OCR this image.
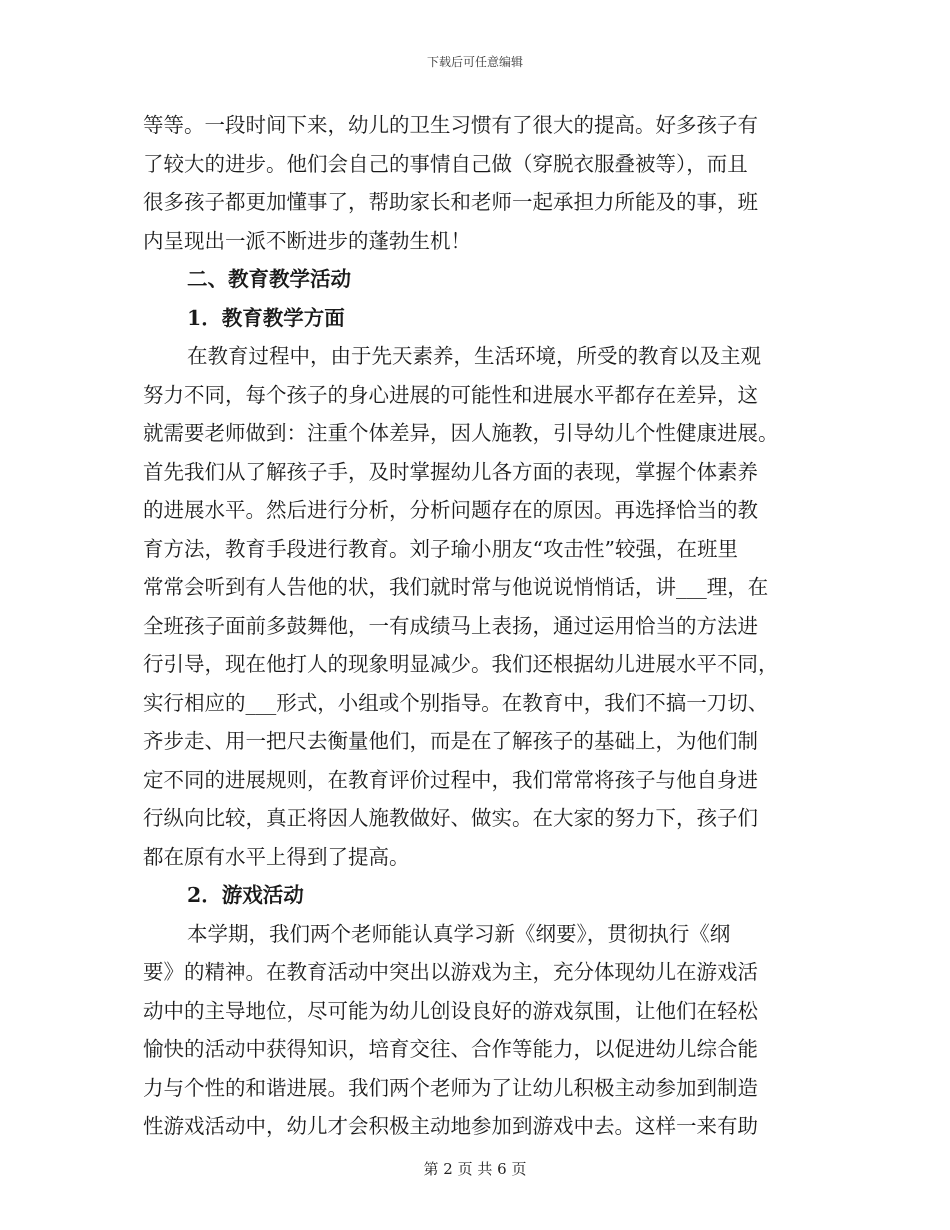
下载后可任意编辑
等等。一段时间下来，幼儿的卫生习惯有了很大的提高。好多孩子有
了较大的进步。他们会自己的事情自己做（穿脱衣服叠被等），而且
很多孩子都更加懂事了，帮助家长和老师一起承担力所能及的事，班
内呈现出一派不断进步的蓬勃生机！
二、教育教学活动
1．教育教学方面
在教育过程中，由于先天素养，生活环境，所受的教育以及主观
努力不同，每个孩子的身心进展的可能性和进展水平都存在差异，这
就需要老师做到：注重个体差异，因人施教，引导幼儿个性健康进展。
首先我们从了解孩子手，及时掌握幼儿各方面的表现，掌握个体素养
的进展水平。然后进行分析，分析问题存在的原因。再选择恰当的教
育方法，教育手段进行教育。刘子瑜小朋友“攻击性”较强，在班里
常常会听到有人告他的状，我们就时常与他说说悄悄话，讲___理，在
全班孩子面前多鼓舞他，一有成绩马上表扬，通过运用恰当的方法进
行引导，现在他打人的现象明显减少。我们还根据幼儿进展水平不同，
实行相应的___形式，小组或个别指导。在教育中，我们不搞一刀切、
齐步走、用一把尺去衡量他们，而是在了解孩子的基础上，为他们制
定不同的进展规则，在教育评价过程中，我们常常将孩子与他自身进
行纵向比较，真正将因人施教做好、做实。在大家的努力下，孩子们
都在原有水平上得到了提高。
2．游戏活动
本学期，我们两个老师能认真学习新《纲要》，贯彻执行《纲
要》的精神。在教育活动中突出以游戏为主，充分体现幼儿在游戏活
动中的主导地位，尽可能为幼儿创设良好的游戏氛围，让他们在轻松
愉快的活动中获得知识，培育交往、合作等能力，以促进幼儿综合能
力与个性的和谐进展。我们两个老师为了让幼儿积极主动参加到制造
性游戏活动中，幼儿才会积极主动地参加到游戏中去。这样一来有助
第 2 页 共 6 页
